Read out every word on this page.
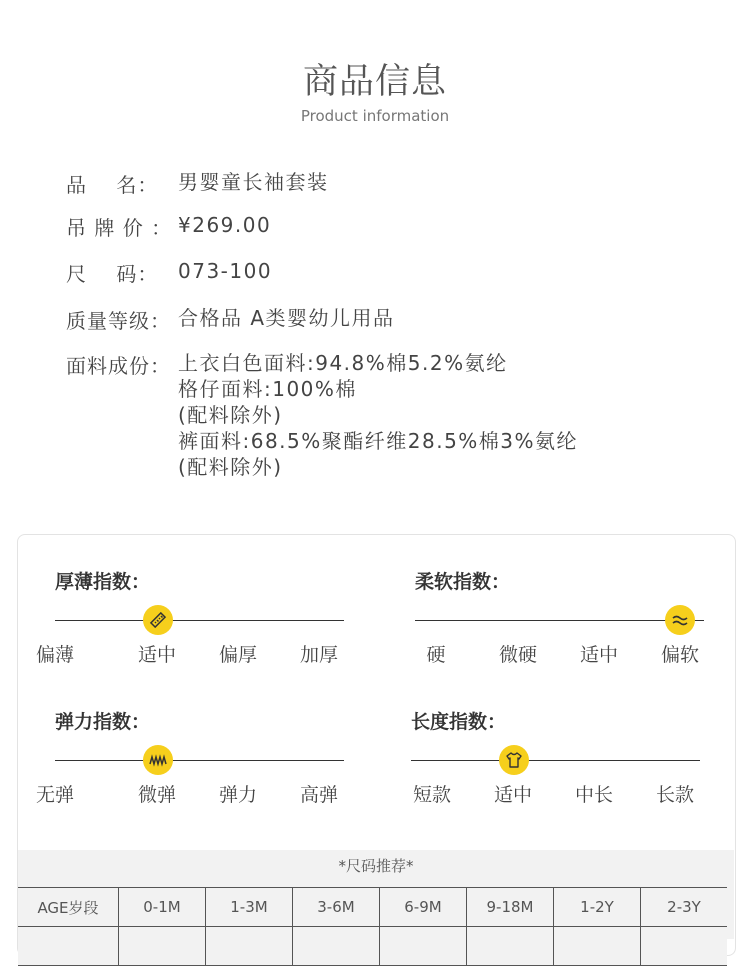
商品信息
Product information
品    名： 男婴童长袖套装
吊 牌 价 ： ¥269.00
尺    码： 073-100
质量等级： 合格品 A类婴幼儿用品
面料成份： 上衣白色面料:94.8%棉5.2%氨纶
格仔面料:100%棉
(配料除外)
裤面料:68.5%聚酯纤维28.5%棉3%氨纶
(配料除外)
厚薄指数：
偏薄	适中	偏厚	加厚
柔软指数：
硬	微硬	适中	偏软
弹力指数：
无弹	微弹	弹力	高弹
长度指数：
短款	适中	中长	长款
*尺码推荐*
AGE岁段	0-1M	1-3M	3-6M	6-9M	9-18M	1-2Y	2-3Y
